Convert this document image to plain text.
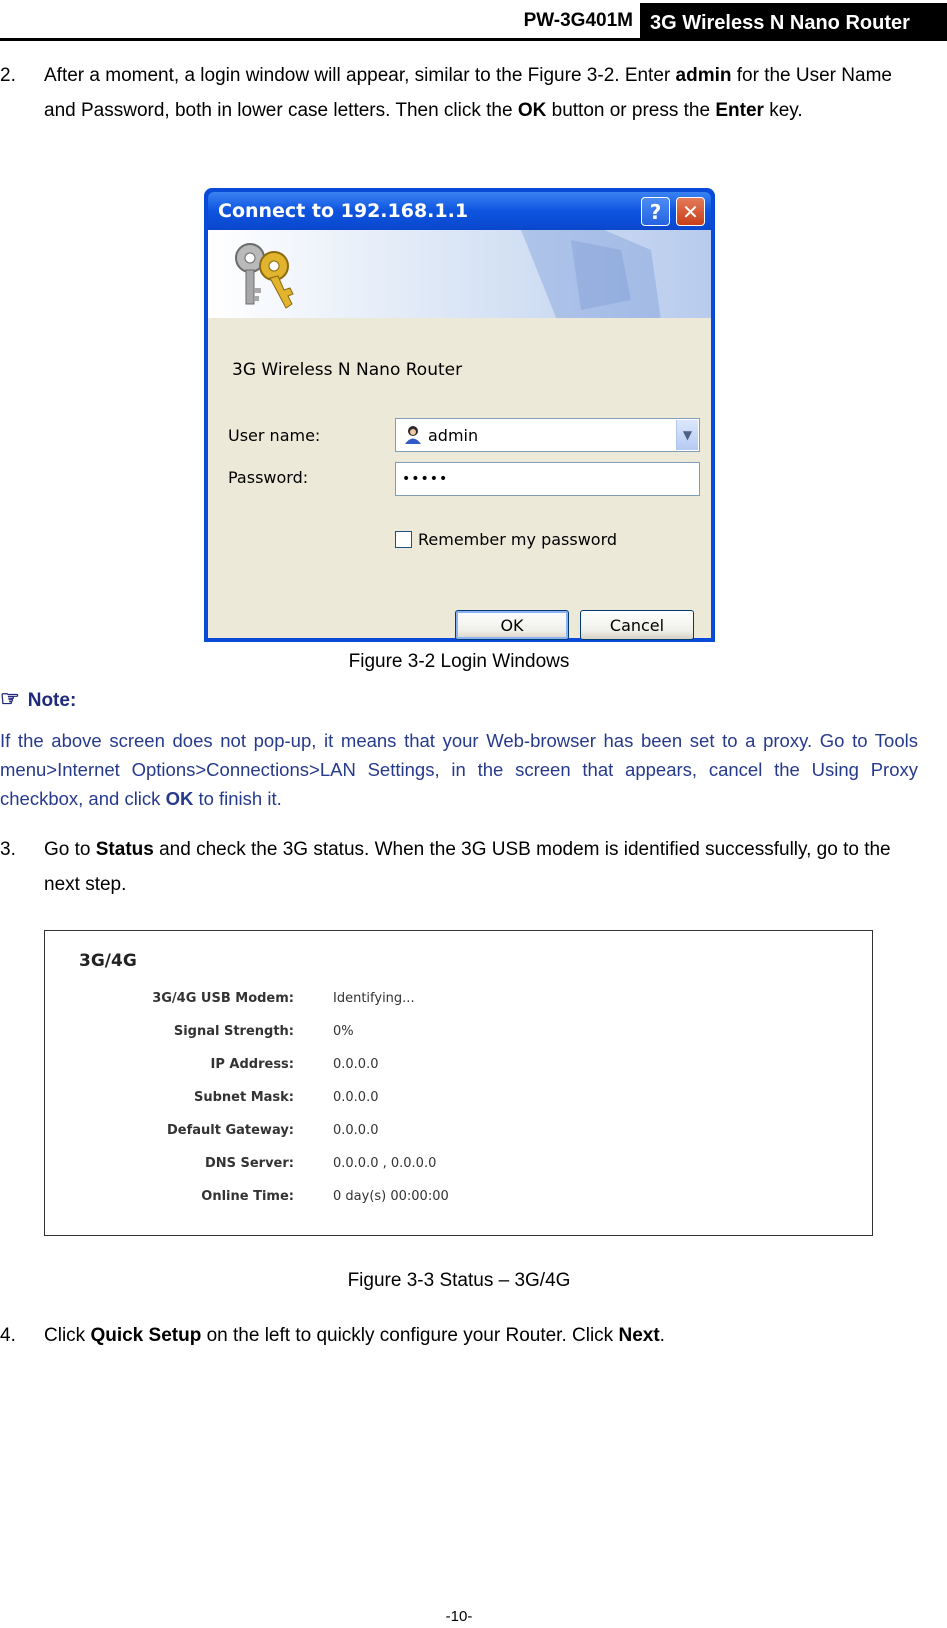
PW-3G401M 3G Wireless N Nano Router
2. After a moment, a login window will appear, similar to the Figure 3-2. Enter admin for the User Name and Password, both in lower case letters. Then click the OK button or press the Enter key.
Connect to 192.168.1.1	?	✕
3G Wireless N Nano Router
User name:	admin	▼
Password:	•••••
Remember my password
OK	Cancel
Figure 3-2 Login Windows
☞ Note:
If the above screen does not pop-up, it means that your Web-browser has been set to a proxy. Go to Tools menu>Internet Options>Connections>LAN Settings, in the screen that appears, cancel the Using Proxy checkbox, and click OK to finish it.
3. Go to Status and check the 3G status. When the 3G USB modem is identified successfully, go to the next step.
3G/4G
3G/4G USB Modem:	Identifying...
Signal Strength:	0%
IP Address:	0.0.0.0
Subnet Mask:	0.0.0.0
Default Gateway:	0.0.0.0
DNS Server:	0.0.0.0 , 0.0.0.0
Online Time:	0 day(s) 00:00:00
Figure 3-3 Status – 3G/4G
4. Click Quick Setup on the left to quickly configure your Router. Click Next.
-10-
